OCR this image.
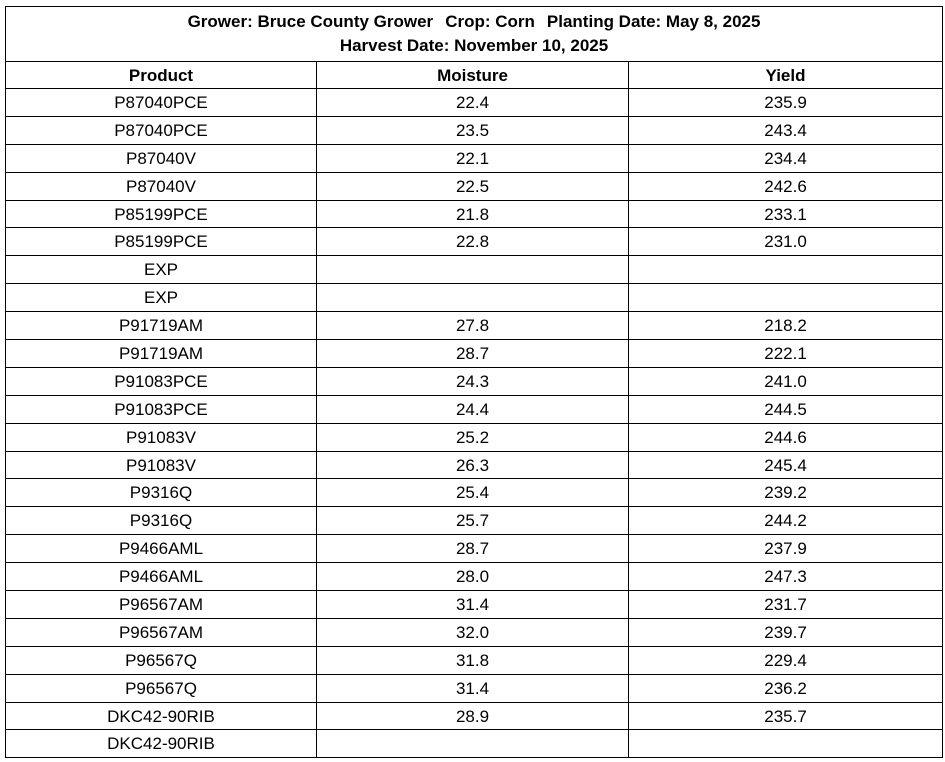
Grower: Bruce County Grower Crop: Corn Planting Date: May 8, 2025
Harvest Date: November 10, 2025		

Product	Moisture	Yield
P87040PCE	22.4	235.9
P87040PCE	23.5	243.4
P87040V	22.1	234.4
P87040V	22.5	242.6
P85199PCE	21.8	233.1
P85199PCE	22.8	231.0
EXP		
EXP		
P91719AM	27.8	218.2
P91719AM	28.7	222.1
P91083PCE	24.3	241.0
P91083PCE	24.4	244.5
P91083V	25.2	244.6
P91083V	26.3	245.4
P9316Q	25.4	239.2
P9316Q	25.7	244.2
P9466AML	28.7	237.9
P9466AML	28.0	247.3
P96567AM	31.4	231.7
P96567AM	32.0	239.7
P96567Q	31.8	229.4
P96567Q	31.4	236.2
DKC42-90RIB	28.9	235.7
DKC42-90RIB		
